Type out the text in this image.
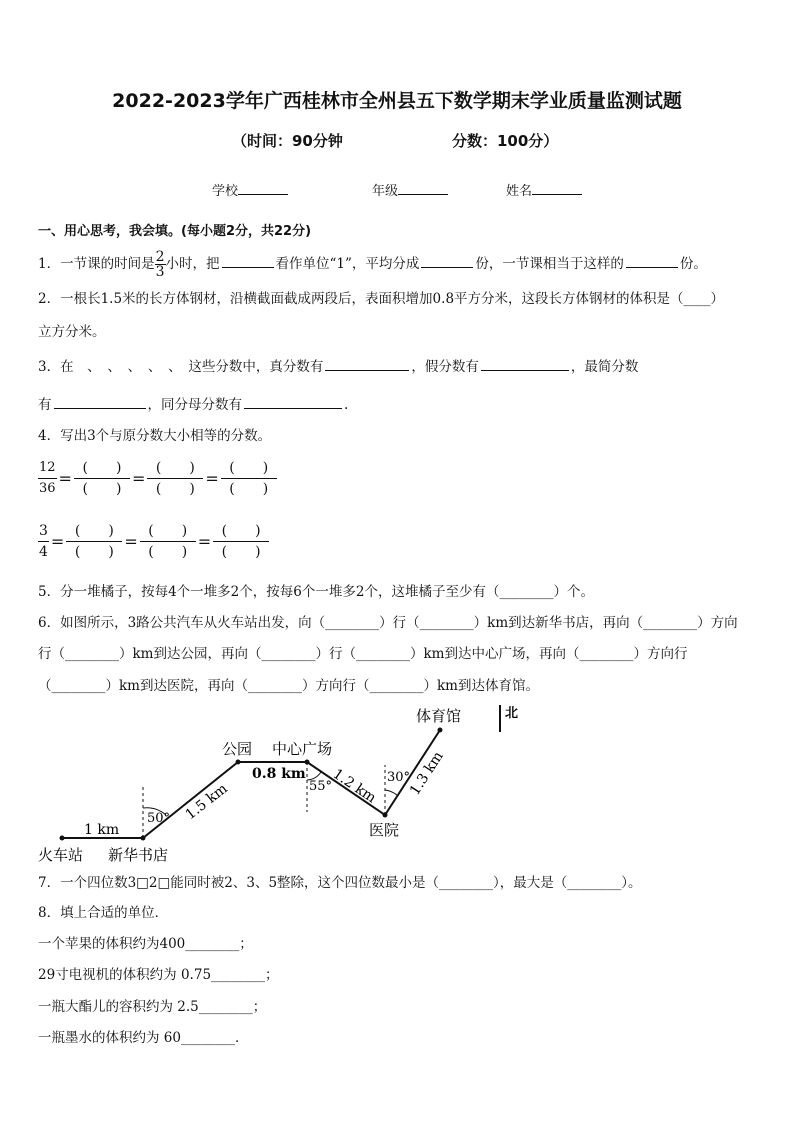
2022-2023学年广西桂林市全州县五下数学期末学业质量监测试题
（时间：90分钟	分数：100分）
学校	年级	姓名
一、用心思考，我会填。(每小题2分，共22分)
1．一节课的时间是 $\frac{2}{3}$ 小时，把	看作单位“1”，平均分成	份，一节课相当于这样的	份。
2．一根长1.5米的长方体钢材，沿横截面截成两段后，表面积增加0.8平方分米，这段长方体钢材的体积是（____）
立方分米。
3．在　、　、　、　、　、　这些分数中，真分数有	，假分数有	，最简分数
有	，同分母分数有	.
4．写出3个与原分数大小相等的分数。
$\frac{12}{36} = \frac{( )}{( )} = \frac{( )}{( )} = \frac{( )}{( )}$
$\frac{3}{4} = \frac{( )}{( )} = \frac{( )}{( )} = \frac{( )}{( )}$
5．分一堆橘子，按每4个一堆多2个，按每6个一堆多2个，这堆橘子至少有（________）个。
6．如图所示，3路公共汽车从火车站出发，向（________）行（________）km到达新华书店，再向（________）方向
行（________）km到达公园，再向（________）行（________）km到达中心广场，再向（________）方向行
（________）km到达医院，再向（________）方向行（________）km到达体育馆。
北
火车站 新华书店
公园 中心广场
医院
体育馆
1 km
1.5 km
0.8 km 1.2 km 1.3 km
50°
55°
30°
7．一个四位数3□2□能同时被2、3、5整除，这个四位数最小是（________），最大是（________）。
8．填上合适的单位．
一个苹果的体积约为400________；
29寸电视机的体积约为 0.75________；
一瓶大酯儿的容积约为 2.5________；
一瓶墨水的体积约为 60________．
